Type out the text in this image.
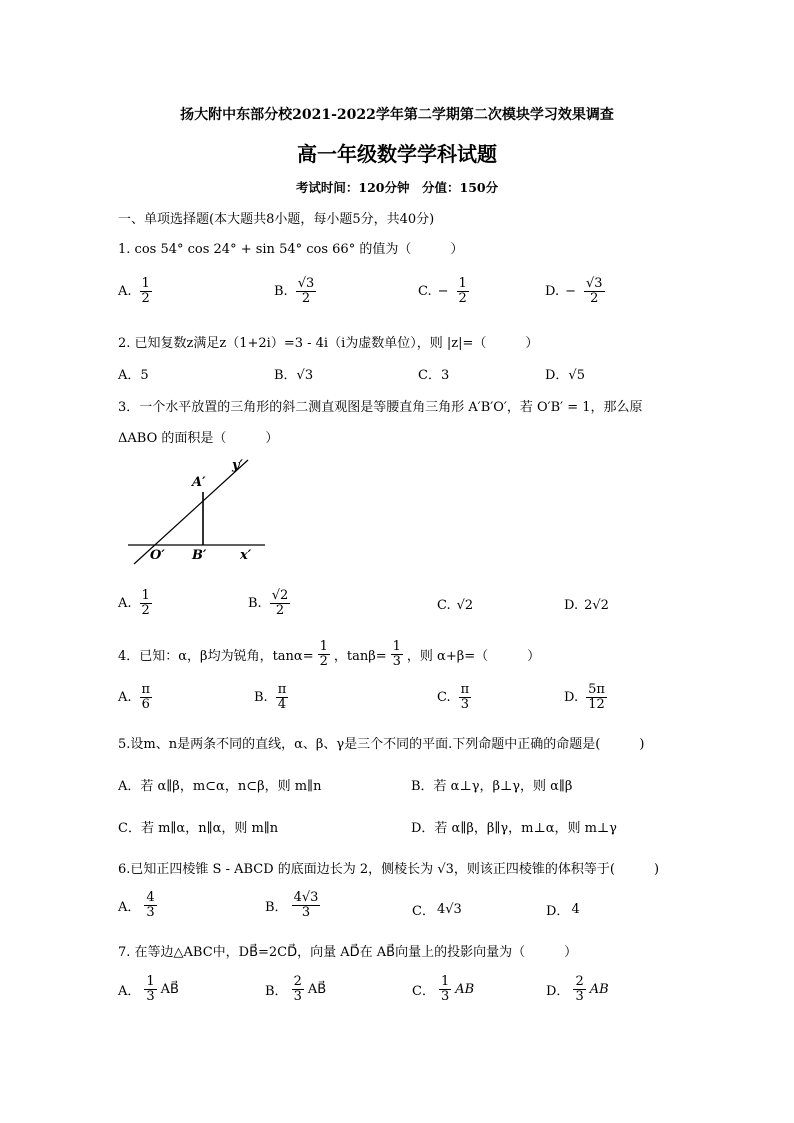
扬大附中东部分校2021-2022学年第二学期第二次模块学习效果调查
高一年级数学学科试题
考试时间：120分钟　分值：150分
一、单项选择题(本大题共8小题，每小题5分，共40分)
1. cos 54° cos 24° + sin 54° cos 66° 的值为（　　　）
A. $\frac{1}{2}$	B. $\frac{√3}{2}$	C. − $\frac{1}{2}$	D. − $\frac{√3}{2}$
2. 已知复数z满足z（1+2i）=3 - 4i（i为虚数单位），则 |z|=（　　　）
A．5	B．√3	C．3	D．√5
3．一个水平放置的三角形的斜二测直观图是等腰直角三角形 A′B′O′，若 O′B′ = 1，那么原
ΔABO 的面积是（　　　）
y′
A′
O′ B′	x′
A. $\frac{1}{2}$	B. $\frac{√2}{2}$	C. √2	D. 2√2
4．已知：α，β均为锐角，$\tan\alpha= \frac{1}{2}$ ，$\tan\beta= \frac{1}{3}$ ，则 α+β=（　　　）
A. $\frac{\pi}{6}$	B. $\frac{\pi}{4}$	C. $\frac{\pi}{3}$	D. $\frac{5\pi}{12}$
5.设m、n是两条不同的直线，α、β、γ是三个不同的平面.下列命题中正确的命题是(　　　)
A．若 α∥β，m⊂α，n⊂β，则 m∥n	B．若 α⊥γ，β⊥γ，则 α∥β
C．若 m∥α，n∥α，则 m∥n	D．若 α∥β，β∥γ，m⊥α，则 m⊥γ
6.已知正四棱锥 S - ABCD 的底面边长为 2，侧棱长为 √3，则该正四棱锥的体积等于(　　　)
A． $\frac{4}{3}$	B． $\frac{4√3}{3}$	C． 4√3	D． 4
7. 在等边△ABC中，DB⃗=2CD⃗，向量 AD⃗在 AB⃗向量上的投影向量为（　　　）
A． $\frac{1}{3}$ AB⃗	B． $\frac{2}{3}$ AB⃗	C． $\frac{1}{3}$ AB	D． $\frac{2}{3}$ AB
